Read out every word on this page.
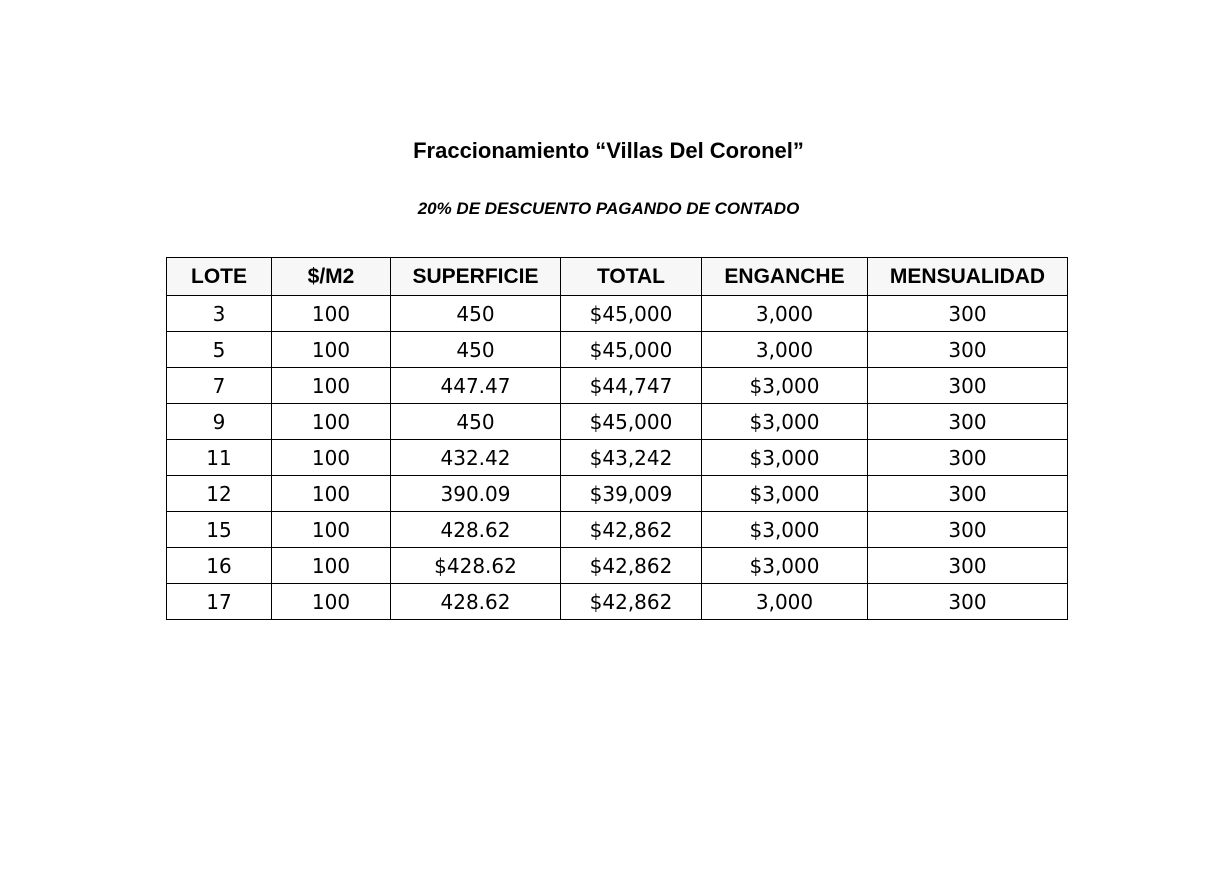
Fraccionamiento “Villas Del Coronel”
20% DE DESCUENTO PAGANDO DE CONTADO
LOTE	$/M2	SUPERFICIE	TOTAL	ENGANCHE	MENSUALIDAD
3	100	450	$45,000	3,000	300
5	100	450	$45,000	3,000	300
7	100	447.47	$44,747	$3,000	300
9	100	450	$45,000	$3,000	300
11	100	432.42	$43,242	$3,000	300
12	100	390.09	$39,009	$3,000	300
15	100	428.62	$42,862	$3,000	300
16	100	$428.62	$42,862	$3,000	300
17	100	428.62	$42,862	3,000	300
